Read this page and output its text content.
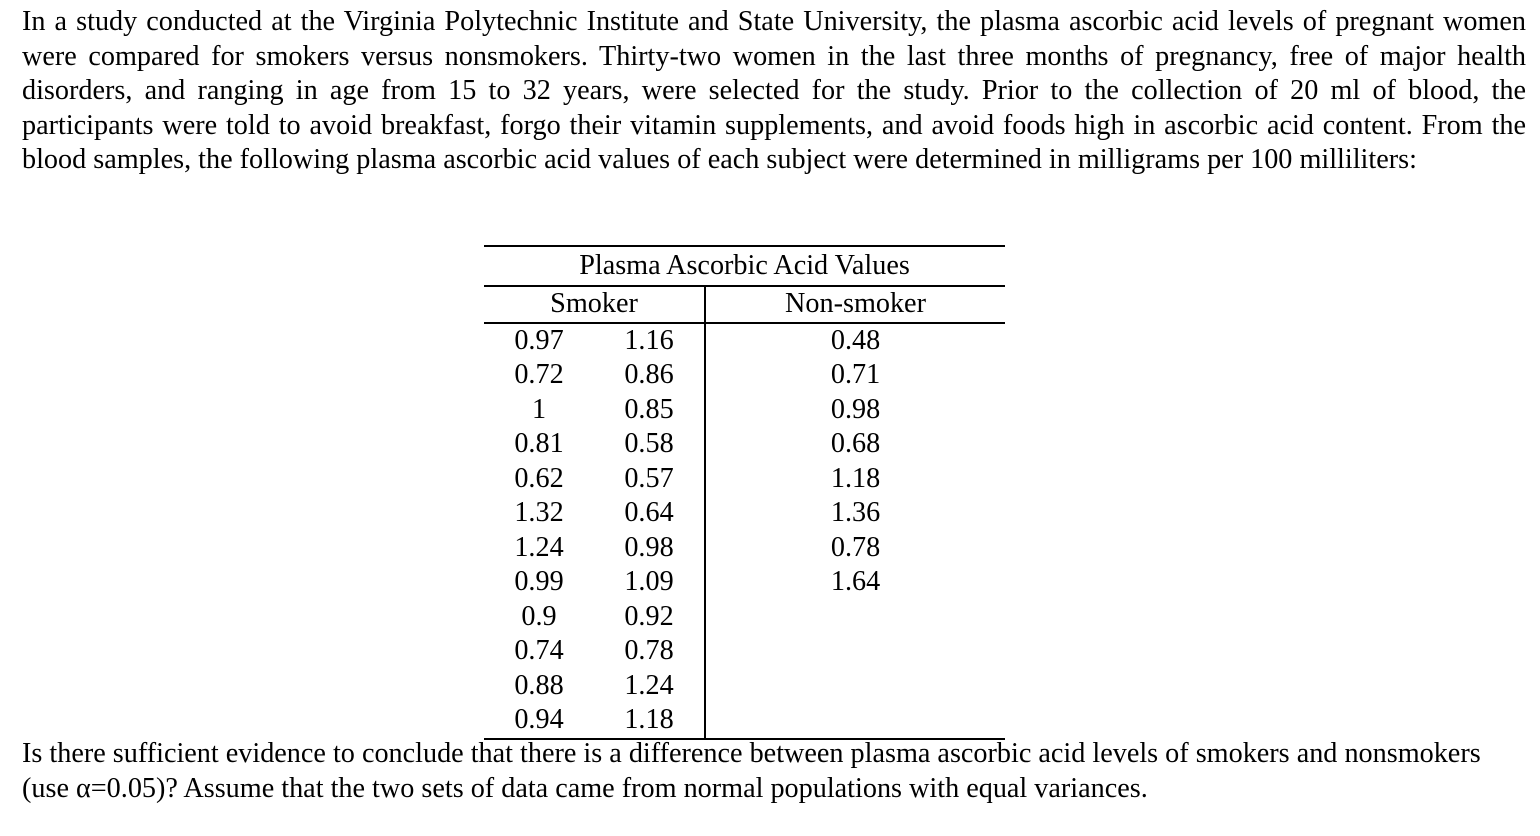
In a study conducted at the Virginia Polytechnic Institute and State University, the plasma ascorbic acid levels of pregnant women were compared for smokers versus nonsmokers. Thirty-two women in the last three months of pregnancy, free of major health disorders, and ranging in age from 15 to 32 years, were selected for the study. Prior to the collection of 20 ml of blood, the participants were told to avoid breakfast, forgo their vitamin supplements, and avoid foods high in ascorbic acid content. From the blood samples, the following plasma ascorbic acid values of each subject were determined in milligrams per 100 milliliters:

Plasma Ascorbic Acid Values		
Smoker		Non-smoker
0.97	1.16	0.48
0.72	0.86	0.71
1	0.85	0.98
0.81	0.58	0.68
0.62	0.57	1.18
1.32	0.64	1.36
1.24	0.98	0.78
0.99	1.09	1.64
0.9	0.92	
0.74	0.78	
0.88	1.24	
0.94	1.18	

Is there sufficient evidence to conclude that there is a difference between plasma ascorbic acid levels of smokers and nonsmokers (use α=0.05)? Assume that the two sets of data came from normal populations with equal variances.
